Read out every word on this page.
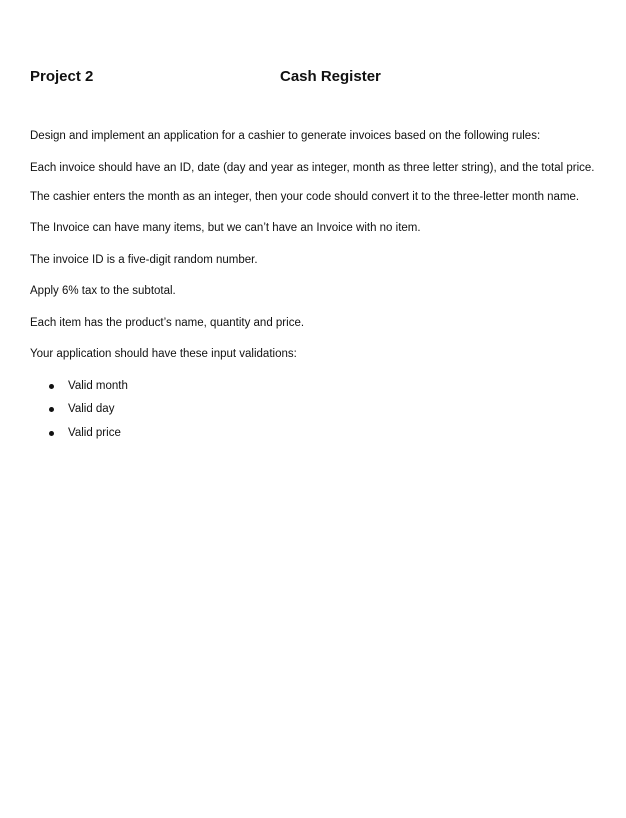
Project 2	Cash Register

Design and implement an application for a cashier to generate invoices based on the following rules:

Each invoice should have an ID, date (day and year as integer, month as three letter string), and the total price.

The cashier enters the month as an integer, then your code should convert it to the three-letter month name.

The Invoice can have many items, but we can’t have an Invoice with no item.

The invoice ID is a five-digit random number.

Apply 6% tax to the subtotal.

Each item has the product’s name, quantity and price.

Your application should have these input validations:

Valid month
Valid day
Valid price
